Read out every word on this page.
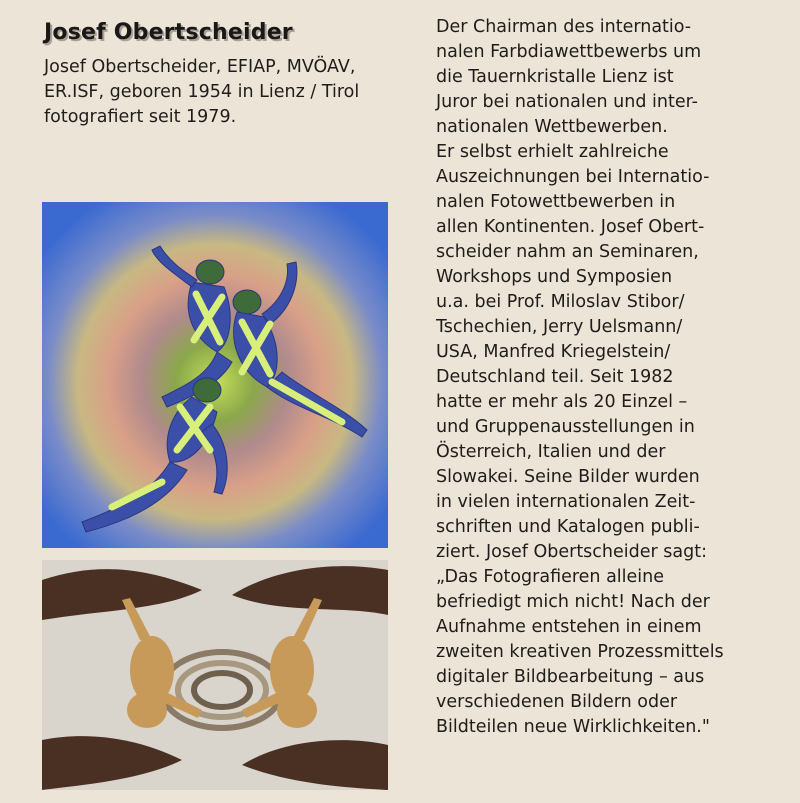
Josef Obertscheider

Josef Obertscheider, EFIAP, MVÖAV, ER.ISF, geboren 1954 in Lienz / Tirol fotografiert seit 1979.

Der Chairman des internatio-
nalen Farbdiawettbewerbs um
die Tauernkristalle Lienz ist
Juror bei nationalen und inter-
nationalen Wettbewerben.
Er selbst erhielt zahlreiche
Auszeichnungen bei Internatio-
nalen Fotowettbewerben in
allen Kontinenten. Josef Obert-
scheider nahm an Seminaren,
Workshops und Symposien
u.a. bei Prof. Miloslav Stibor/
Tschechien, Jerry Uelsmann/
USA, Manfred Kriegelstein/
Deutschland teil. Seit 1982
hatte er mehr als 20 Einzel –
und Gruppenausstellungen in
Österreich, Italien und der
Slowakei. Seine Bilder wurden
in vielen internationalen Zeit-
schriften und Katalogen publi-
ziert. Josef Obertscheider sagt:
„Das Fotografieren alleine
befriedigt mich nicht! Nach der
Aufnahme entstehen in einem
zweiten kreativen Prozessmittels
digitaler Bildbearbeitung – aus
verschiedenen Bildern oder
Bildteilen neue Wirklichkeiten."
